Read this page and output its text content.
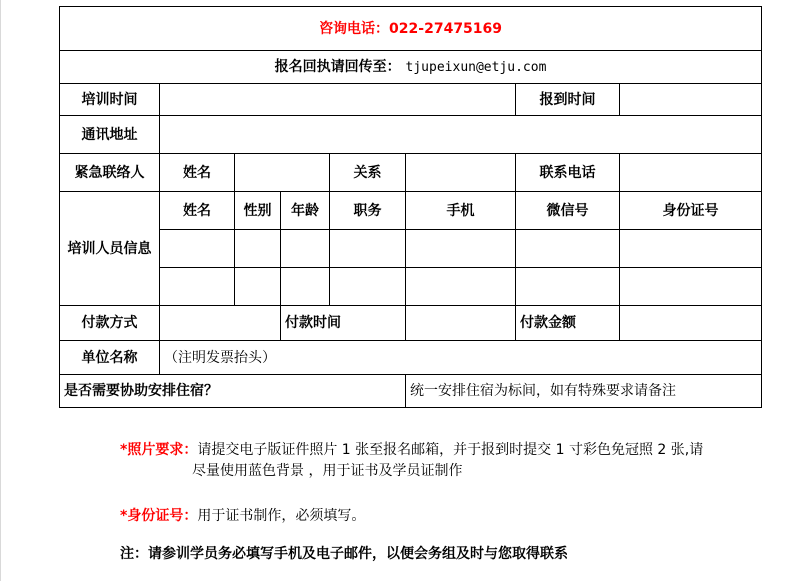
咨询电话：022-27475169							
报名回执请回传至： tjupeixun@etju.com							
培训时间						报到时间	
通讯地址							
紧急联络人	姓名			关系		联系电话	
培训人员信息	姓名	性别	年龄	职务	手机	微信号	身份证号

付款方式			付款时间			付款金额	
单位名称	（注明发票抬头）						
是否需要协助安排住宿？					统一安排住宿为标间，如有特殊要求请备注		
*照片要求：请提交电子版证件照片 1 张至报名邮箱，并于报到时提交 1 寸彩色免冠照 2 张,请
尽量使用蓝色背景 ，用于证书及学员证制作
*身份证号：用于证书制作，必须填写。
注：请参训学员务必填写手机及电子邮件，以便会务组及时与您取得联系
